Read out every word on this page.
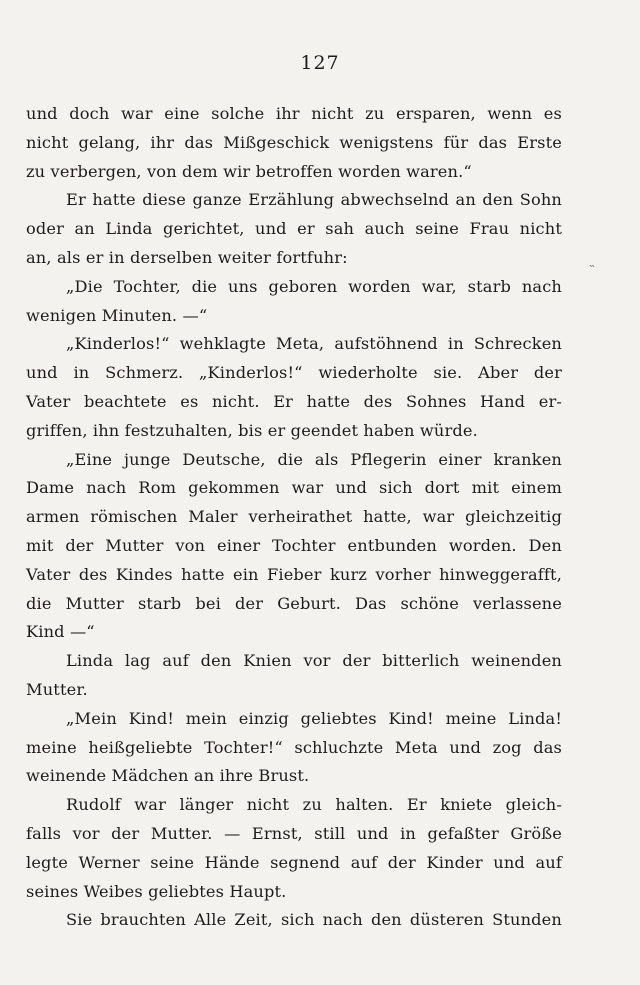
127
und doch war eine solche ihr nicht zu ersparen, wenn es
nicht gelang, ihr das Mißgeschick wenigstens für das Erste
zu verbergen, von dem wir betroffen worden waren.“
Er hatte diese ganze Erzählung abwechselnd an den Sohn
oder an Linda gerichtet, und er sah auch seine Frau nicht
an, als er in derselben weiter fortfuhr:
„Die Tochter, die uns geboren worden war, starb nach
wenigen Minuten. —“
„Kinderlos!“ wehklagte Meta, aufstöhnend in Schrecken
und in Schmerz. „Kinderlos!“ wiederholte sie. Aber der
Vater beachtete es nicht. Er hatte des Sohnes Hand er-
griffen, ihn festzuhalten, bis er geendet haben würde.
„Eine junge Deutsche, die als Pflegerin einer kranken
Dame nach Rom gekommen war und sich dort mit einem
armen römischen Maler verheirathet hatte, war gleichzeitig
mit der Mutter von einer Tochter entbunden worden. Den
Vater des Kindes hatte ein Fieber kurz vorher hinweggerafft,
die Mutter starb bei der Geburt. Das schöne verlassene
Kind —“
Linda lag auf den Knien vor der bitterlich weinenden
Mutter.
„Mein Kind! mein einzig geliebtes Kind! meine Linda!
meine heißgeliebte Tochter!“ schluchzte Meta und zog das
weinende Mädchen an ihre Brust.
Rudolf war länger nicht zu halten. Er kniete gleich-
falls vor der Mutter. — Ernst, still und in gefaßter Größe
legte Werner seine Hände segnend auf der Kinder und auf
seines Weibes geliebtes Haupt.
Sie brauchten Alle Zeit, sich nach den düsteren Stunden
˵
